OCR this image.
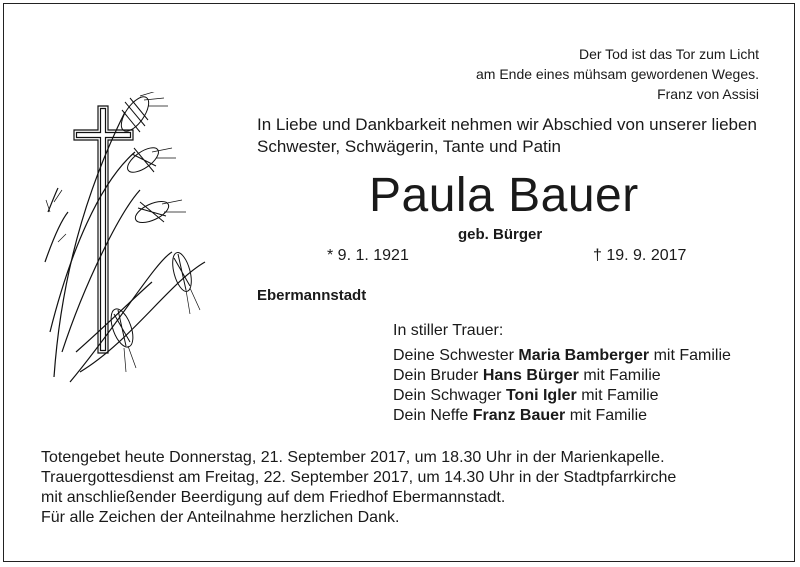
Der Tod ist das Tor zum Licht
am Ende eines mühsam gewordenen Weges.
Franz von Assisi
In Liebe und Dankbarkeit nehmen wir Abschied von unserer lieben
Schwester, Schwägerin, Tante und Patin
Paula Bauer
geb. Bürger
* 9. 1. 1921	† 19. 9. 2017
Ebermannstadt
In stiller Trauer:
Deine Schwester Maria Bamberger mit Familie
Dein Bruder Hans Bürger mit Familie
Dein Schwager Toni Igler mit Familie
Dein Neffe Franz Bauer mit Familie
Totengebet heute Donnerstag, 21. September 2017, um 18.30 Uhr in der Marienkapelle.
Trauergottesdienst am Freitag, 22. September 2017, um 14.30 Uhr in der Stadtpfarrkirche
mit anschließender Beerdigung auf dem Friedhof Ebermannstadt.
Für alle Zeichen der Anteilnahme herzlichen Dank.
